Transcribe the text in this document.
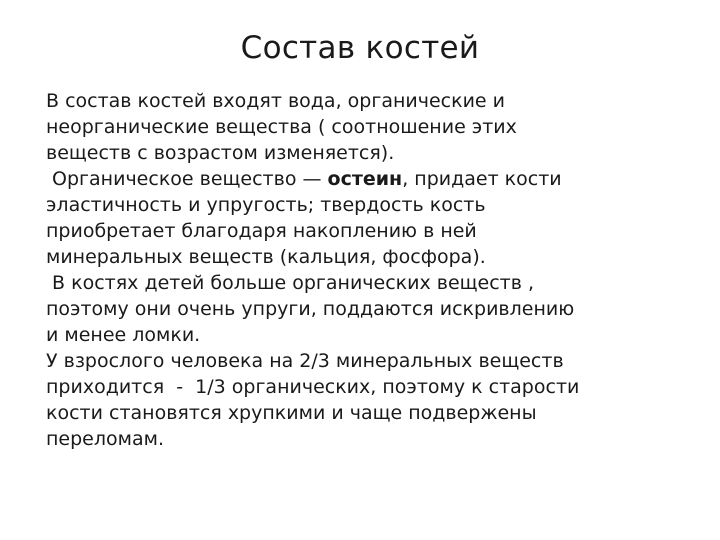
Состав костей

В состав костей входят вода, органические и
неорганические вещества ( соотношение этих
веществ с возрастом изменяется).

Органическое вещество — остеин, придает кости
эластичность и упругость; твердость кость
приобретает благодаря накоплению в ней
минеральных веществ (кальция, фосфора).

В костях детей больше органических веществ ,
поэтому они очень упруги, поддаются искривлению
и менее ломки.

У взрослого человека на 2/3 минеральных веществ
приходится  -  1/3 органических, поэтому к старости
кости становятся хрупкими и чаще подвержены
переломам.
